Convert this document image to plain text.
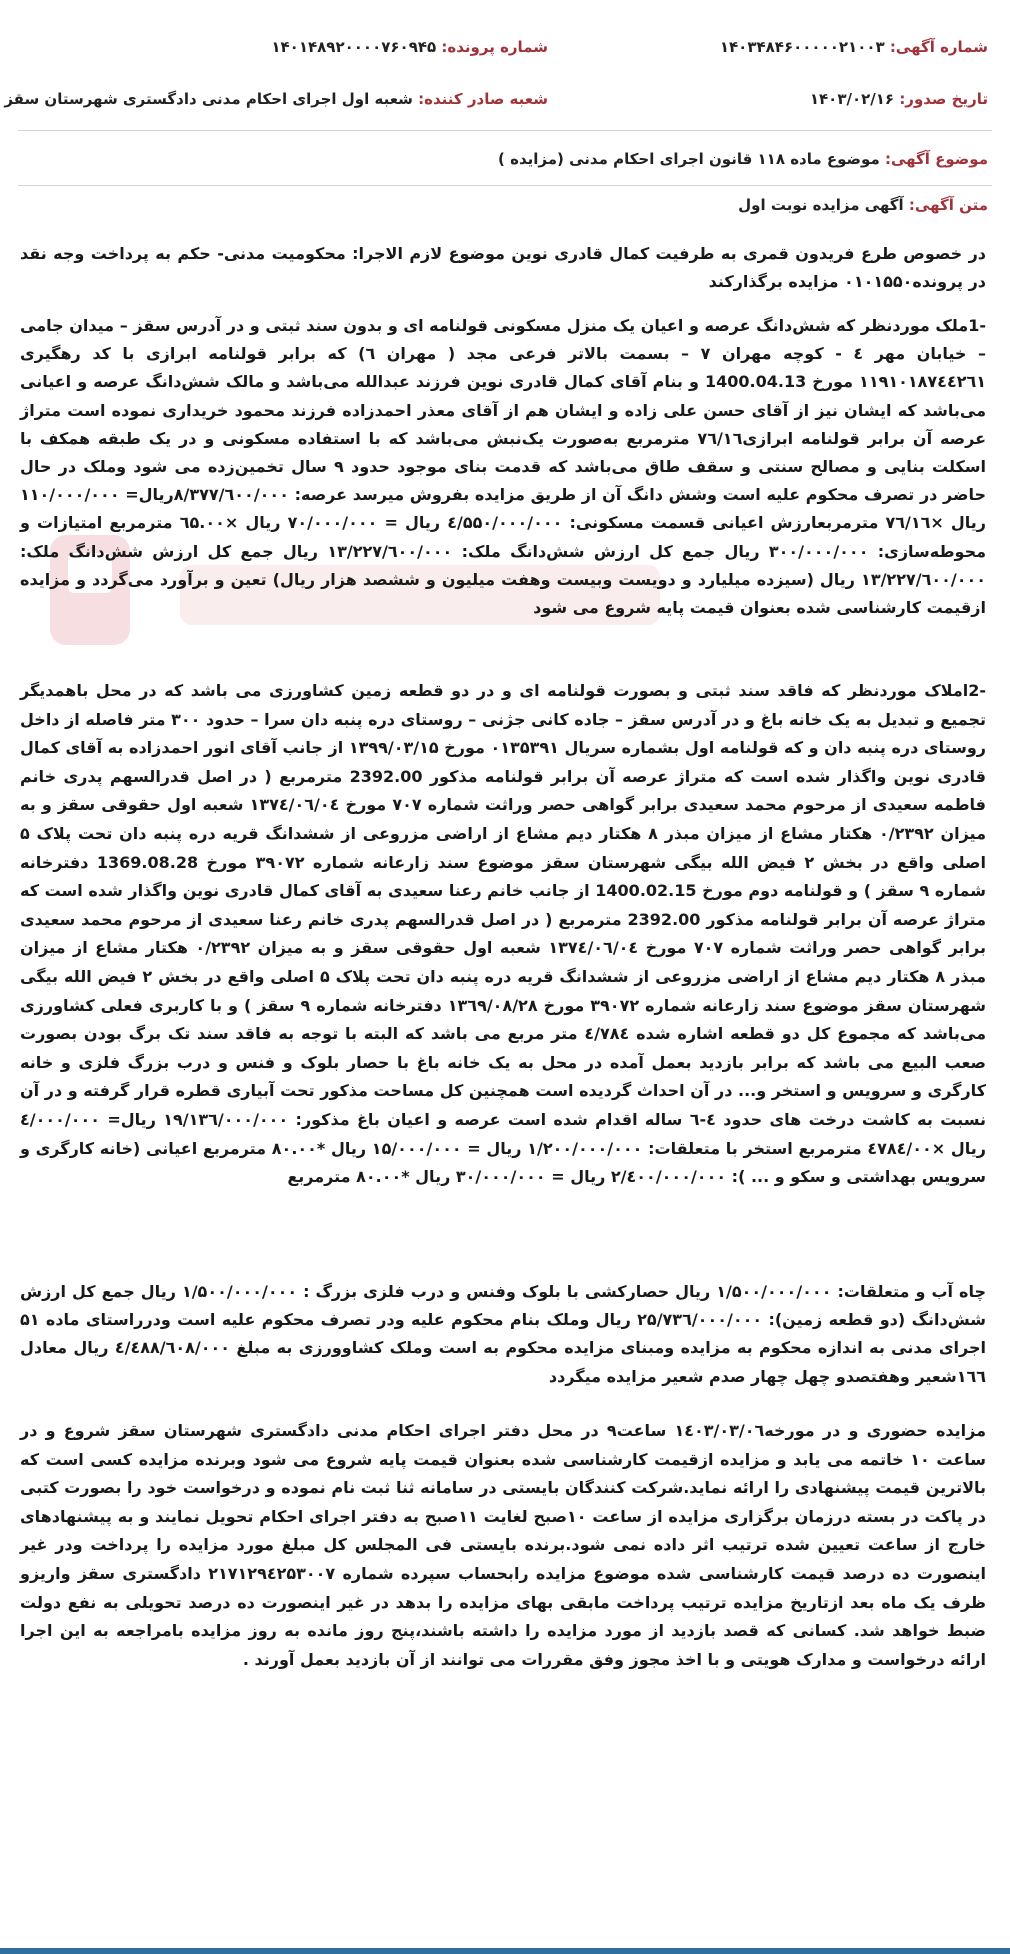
شماره آگهی: ۱۴۰۳۴۸۴۶۰۰۰۰۰۲۱۰۰۳
شماره پرونده: ۱۴۰۱۴۸۹۲۰۰۰۰۷۶۰۹۴۵
تاریخ صدور: ۱۴۰۳/۰۲/۱۶
شعبه صادر کننده: شعبه اول اجرای احکام مدنی دادگستری شهرستان سقز
موضوع آگهی: موضوع ماده ۱۱۸ قانون اجرای احکام مدنی (مزایده )
متن آگهی: آگهی مزایده نوبت اول
در خصوص طرع فریدون قمری به طرفیت کمال قادری نوین موضوع لازم الاجرا: محکومیت مدنی- حکم به پرداخت وجه نقد در پرونده۰۱۰۱۵۵۰ مزایده برگذارکند
-1ملک موردنظر که شش‌دانگ عرصه و اعیان یک منزل مسکونی قولنامه ای و بدون سند ثبتی و در آدرس سقز – میدان جامی – خیابان مهر ٤ - کوچه مهران ۷ – بسمت بالاتر فرعی مجد ( مهران ٦) که برابر قولنامه ابرازی با کد رهگیری ۱۱۹۱۰۱۸۷٤٤۲٦۱ مورخ 1400.04.13 و بنام آقای کمال قادری نوین فرزند عبدالله می‌باشد و مالک شش‌دانگ عرصه و اعیانی می‌باشد که ایشان نیز از آقای حسن علی زاده و ایشان هم از آقای معذر احمدزاده فرزند محمود خریداری نموده است متراژ عرصه آن برابر قولنامه ابرازی۷٦/۱٦ مترمربع به‌صورت یک‌نبش می‌باشد که با استفاده مسکونی و در یک طبقه همکف با اسکلت بنایی و مصالح سنتی و سقف طاق می‌باشد که قدمت بنای موجود حدود ۹ سال تخمین‌زده می شود وملک در حال حاضر در تصرف محکوم علیه است وشش دانگ آن از طریق مزایده بفروش میرسد عرصه: ۸/۳۷۷/٦۰۰/۰۰۰ریال= ۱۱۰/۰۰۰/۰۰۰ ریال ×۷٦/۱٦ مترمربعارزش اعیانی قسمت مسکونی: ٤/۵۵۰/۰۰۰/۰۰۰ ریال = ۷۰/۰۰۰/۰۰۰ ریال ×٦۵.۰۰ مترمربع امتیازات و محوطه‌سازی: ۳۰۰/۰۰۰/۰۰۰ ریال جمع کل ارزش شش‌دانگ ملک: ۱۳/۲۲۷/٦۰۰/۰۰۰ ریال جمع کل ارزش شش‌دانگ ملک: ۱۳/۲۲۷/٦۰۰/۰۰۰ ریال (سیزده میلیارد و دویست وبیست وهفت میلیون و ششصد هزار ریال) تعین و برآورد می‌گردد و مزایده ازقیمت کارشناسی شده بعنوان قیمت پایه شروع می شود
-2املاک موردنظر که فاقد سند ثبتی و بصورت قولنامه ای و در دو قطعه زمین کشاورزی می باشد که در محل باهمدیگر تجمیع و تبدیل به یک خانه باغ و در آدرس سقز – جاده کانی جژنی – روستای دره پنبه دان سرا – حدود ۳۰۰ متر فاصله از داخل روستای دره پنبه دان و که قولنامه اول بشماره سریال ۰۱۳۵۳۹۱ مورخ ۱۳۹۹/۰۳/۱۵ از جانب آقای انور احمدزاده به آقای کمال قادری نوین واگذار شده است که متراژ عرصه آن برابر قولنامه مذکور 2392.00 مترمربع ( در اصل قدرالسهم پدری خانم فاطمه سعیدی از مرحوم محمد سعیدی برابر گواهی حصر وراثت شماره ۷۰۷ مورخ ۱۳۷٤/۰٦/۰٤ شعبه اول حقوقی سقز و به میزان ۰/۲۳۹۲ هکتار مشاع از میزان مبذر ۸ هکتار دیم مشاع از اراضی مزروعی از ششدانگ قریه دره پنبه دان تحت پلاک ۵ اصلی واقع در بخش ۲ فیض الله بیگی شهرستان سقز موضوع سند زارعانه شماره ۳۹۰۷۲ مورخ 1369.08.28 دفترخانه شماره ۹ سقز ) و قولنامه دوم مورخ 1400.02.15 از جانب خانم رعنا سعیدی به آقای کمال قادری نوین واگذار شده است که متراژ عرصه آن برابر قولنامه مذکور 2392.00 مترمربع ( در اصل قدرالسهم پدری خانم رعنا سعیدی از مرحوم محمد سعیدی برابر گواهی حصر وراثت شماره ۷۰۷ مورخ ۱۳۷٤/۰٦/۰٤ شعبه اول حقوقی سقز و به میزان ۰/۲۳۹۲ هکتار مشاع از میزان مبذر ۸ هکتار دیم مشاع از اراضی مزروعی از ششدانگ قریه دره پنبه دان تحت پلاک ۵ اصلی واقع در بخش ۲ فیض الله بیگی شهرستان سقز موضوع سند زارعانه شماره ۳۹۰۷۲ مورخ ۱۳٦۹/۰۸/۲۸ دفترخانه شماره ۹ سقز ) و با کاربری فعلی کشاورزی می‌باشد که مجموع کل دو قطعه اشاره شده ٤/۷۸٤ متر مربع می باشد که البته با توجه به فاقد سند تک برگ بودن بصورت صعب البیع می باشد که برابر بازدید بعمل آمده در محل به یک خانه باغ با حصار بلوک و فنس و درب بزرگ فلزی و خانه کارگری و سرویس و استخر و... در آن احداث گردیده است همچنین کل مساحت مذکور تحت آبیاری قطره قرار گرفته و در آن نسبت به کاشت درخت های حدود ٤-٦ ساله اقدام شده است عرصه و اعیان باغ مذکور: ۱۹/۱۳٦/۰۰۰/۰۰۰ ریال= ٤/۰۰۰/۰۰۰ ریال ×٤۷۸٤/۰۰ مترمربع استخر با متعلقات: ۱/۲۰۰/۰۰۰/۰۰۰ ریال = ۱۵/۰۰۰/۰۰۰ ریال *۸۰.۰۰ مترمربع اعیانی (خانه کارگری و سرویس بهداشتی و سکو و ... ): ۲/٤۰۰/۰۰۰/۰۰۰ ریال = ۳۰/۰۰۰/۰۰۰ ریال *۸۰.۰۰ مترمربع
چاه آب و متعلقات: ۱/۵۰۰/۰۰۰/۰۰۰ ریال حصارکشی با بلوک وفنس و درب فلزی بزرگ : ۱/۵۰۰/۰۰۰/۰۰۰ ریال جمع کل ارزش شش‌دانگ (دو قطعه زمین): ۲۵/۷۳٦/۰۰۰/۰۰۰ ریال وملک بنام محکوم علیه ودر تصرف محکوم علیه است ودرراستای ماده ۵۱ اجرای مدنی به اندازه محکوم به مزایده ومبنای مزایده محکوم به است وملک کشاوورزی به مبلغ ٤/٤۸۸/٦۰۸/۰۰۰ ریال معادل ۱٦٦شعیر وهفتصدو چهل چهار صدم شعیر مزایده میگردد
مزایده حضوری و در مورخه۱٤۰۳/۰۳/۰٦ ساعت۹ در محل دفتر اجرای احکام مدنی دادگستری شهرستان سقز شروع و در ساعت ۱۰ خاتمه می یابد و مزایده ازقیمت کارشناسی شده بعنوان قیمت پایه شروع می شود وبرنده مزایده کسی است که بالاترین قیمت پیشنهادی را ارائه نماید.شرکت کنندگان بایستی در سامانه ثنا ثبت نام نموده و درخواست خود را بصورت کتبی در پاکت در بسته درزمان برگزاری مزایده از ساعت ۱۰صبح لغایت ۱۱صبح به دفتر اجرای احکام تحویل نمایند و به پیشنهادهای خارج از ساعت تعیین شده ترتیب اثر داده نمی شود.برنده بایستی فی المجلس کل مبلغ مورد مزایده را پرداخت ودر غیر اینصورت ده درصد قیمت کارشناسی شده موضوع مزایده رابحساب سپرده شماره ۲۱۷۱۲۹٤۲۵۳۰۰۷ دادگستری سقز واریزو ظرف یک ماه بعد ازتاریخ مزایده ترتیب پرداخت مابقی بهای مزایده را بدهد در غیر اینصورت ده درصد تحویلی به نفع دولت ضبط خواهد شد. کسانی که قصد بازدید از مورد مزایده را داشته باشند،پنج روز مانده به روز مزایده بامراجعه به این اجرا ارائه درخواست و مدارک هویتی و با اخذ مجوز وفق مقررات می توانند از آن بازدید بعمل آورند .
